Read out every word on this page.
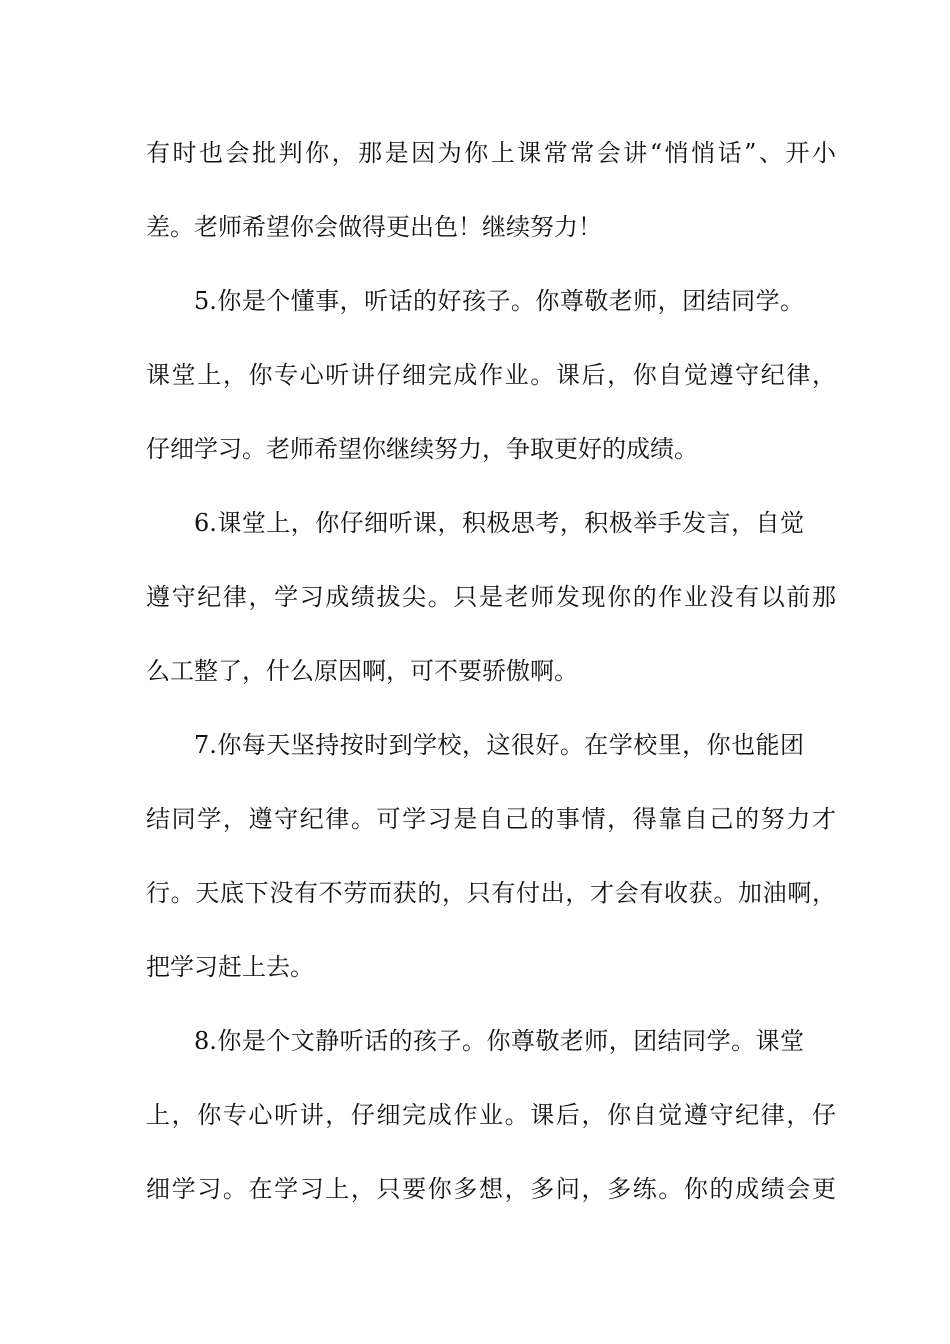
有时也会批判你，那是因为你上课常常会讲“悄悄话”、开小
差。老师希望你会做得更出色！继续努力！
5.你是个懂事，听话的好孩子。你尊敬老师，团结同学。
课堂上，你专心听讲仔细完成作业。课后，你自觉遵守纪律，
仔细学习。老师希望你继续努力，争取更好的成绩。
6.课堂上，你仔细听课，积极思考，积极举手发言，自觉
遵守纪律，学习成绩拔尖。只是老师发现你的作业没有以前那
么工整了，什么原因啊，可不要骄傲啊。
7.你每天坚持按时到学校，这很好。在学校里，你也能团
结同学，遵守纪律。可学习是自己的事情，得靠自己的努力才
行。天底下没有不劳而获的，只有付出，才会有收获。加油啊，
把学习赶上去。
8.你是个文静听话的孩子。你尊敬老师，团结同学。课堂
上，你专心听讲，仔细完成作业。课后，你自觉遵守纪律，仔
细学习。在学习上，只要你多想，多问，多练。你的成绩会更
